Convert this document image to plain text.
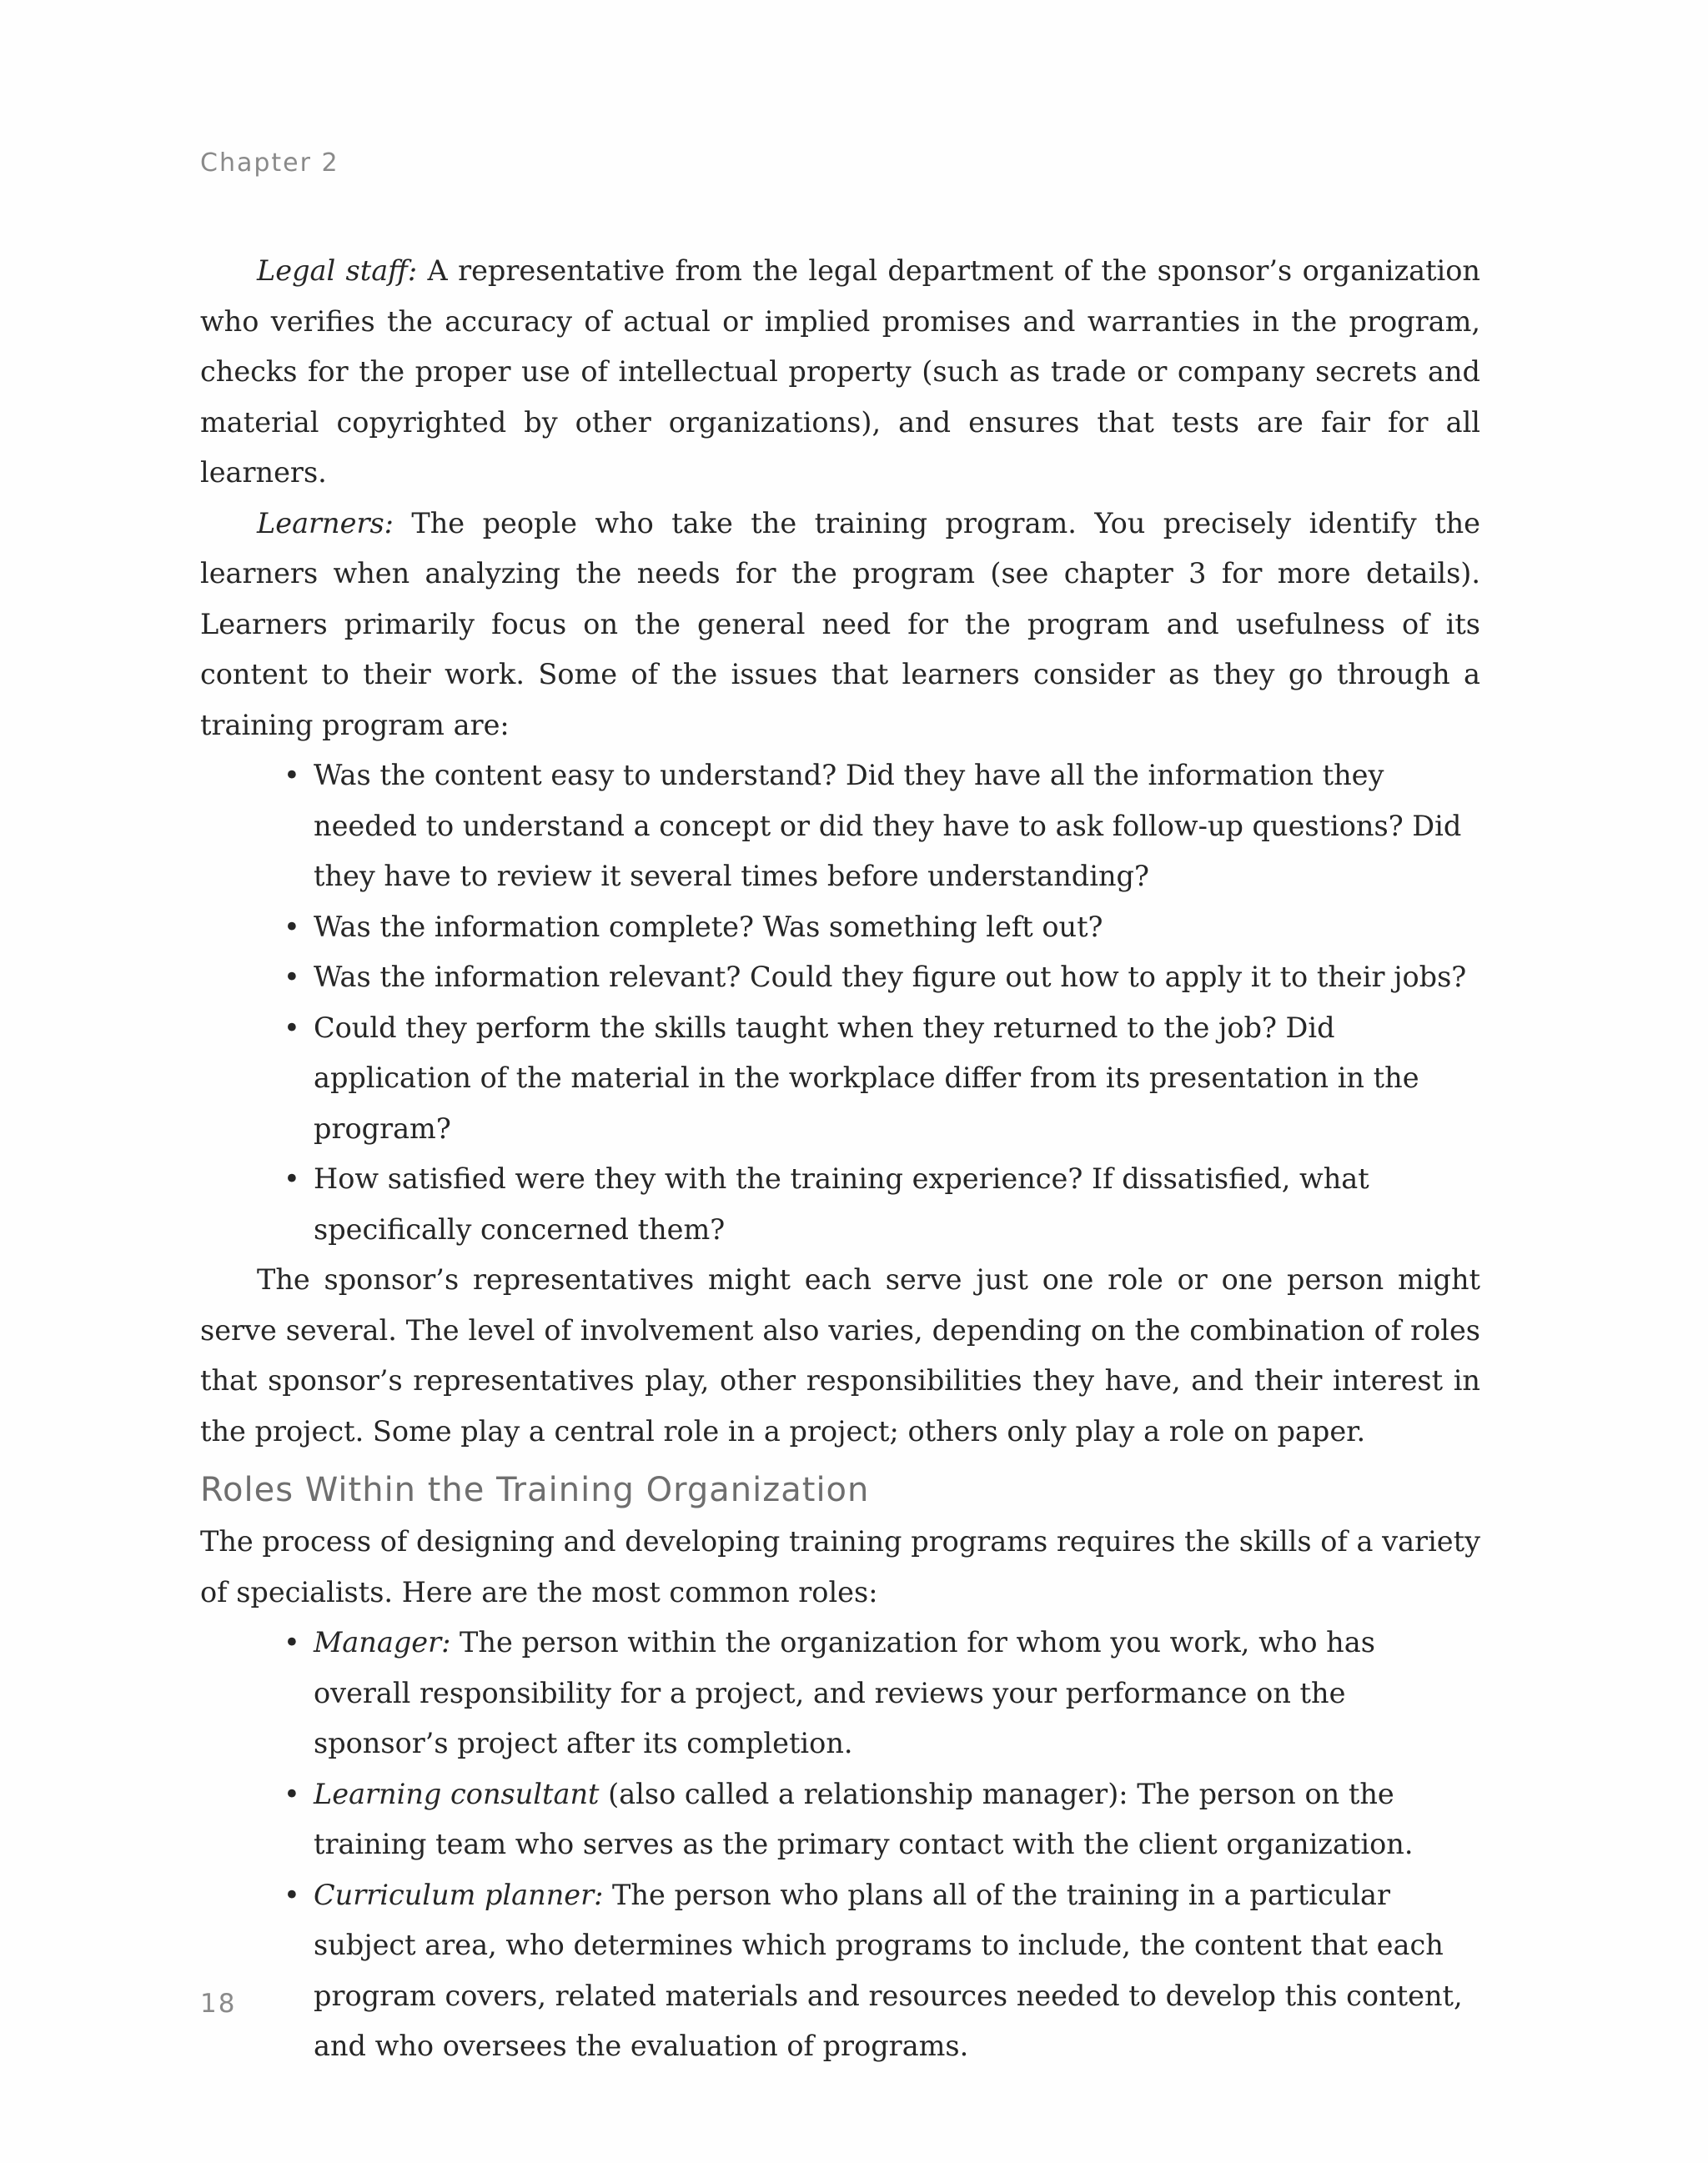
Chapter 2

Legal staff: A representative from the legal department of the sponsor’s organization who verifies the accuracy of actual or implied promises and warranties in the program, checks for the proper use of intellectual property (such as trade or company secrets and material copyrighted by other organizations), and ensures that tests are fair for all learners.

Learners: The people who take the training program. You precisely identify the learners when analyzing the needs for the program (see chapter 3 for more details). Learners primarily focus on the general need for the program and usefulness of its content to their work. Some of the issues that learners consider as they go through a training program are:

• Was the content easy to understand? Did they have all the information they needed to understand a concept or did they have to ask follow-up questions? Did they have to review it several times before understanding?
• Was the information complete? Was something left out?
• Was the information relevant? Could they figure out how to apply it to their jobs?
• Could they perform the skills taught when they returned to the job? Did application of the material in the workplace differ from its presentation in the program?
• How satisfied were they with the training experience? If dissatisfied, what specifically concerned them?

The sponsor’s representatives might each serve just one role or one person might serve several. The level of involvement also varies, depending on the combination of roles that sponsor’s representatives play, other responsibilities they have, and their interest in the project. Some play a central role in a project; others only play a role on paper.

Roles Within the Training Organization

The process of designing and developing training programs requires the skills of a variety of specialists. Here are the most common roles:

• Manager: The person within the organization for whom you work, who has overall responsibility for a project, and reviews your performance on the sponsor’s project after its completion.
• Learning consultant (also called a relationship manager): The person on the training team who serves as the primary contact with the client organization.
• Curriculum planner: The person who plans all of the training in a particular subject area, who determines which programs to include, the content that each program covers, related materials and resources needed to develop this content, and who oversees the evaluation of programs.
18
